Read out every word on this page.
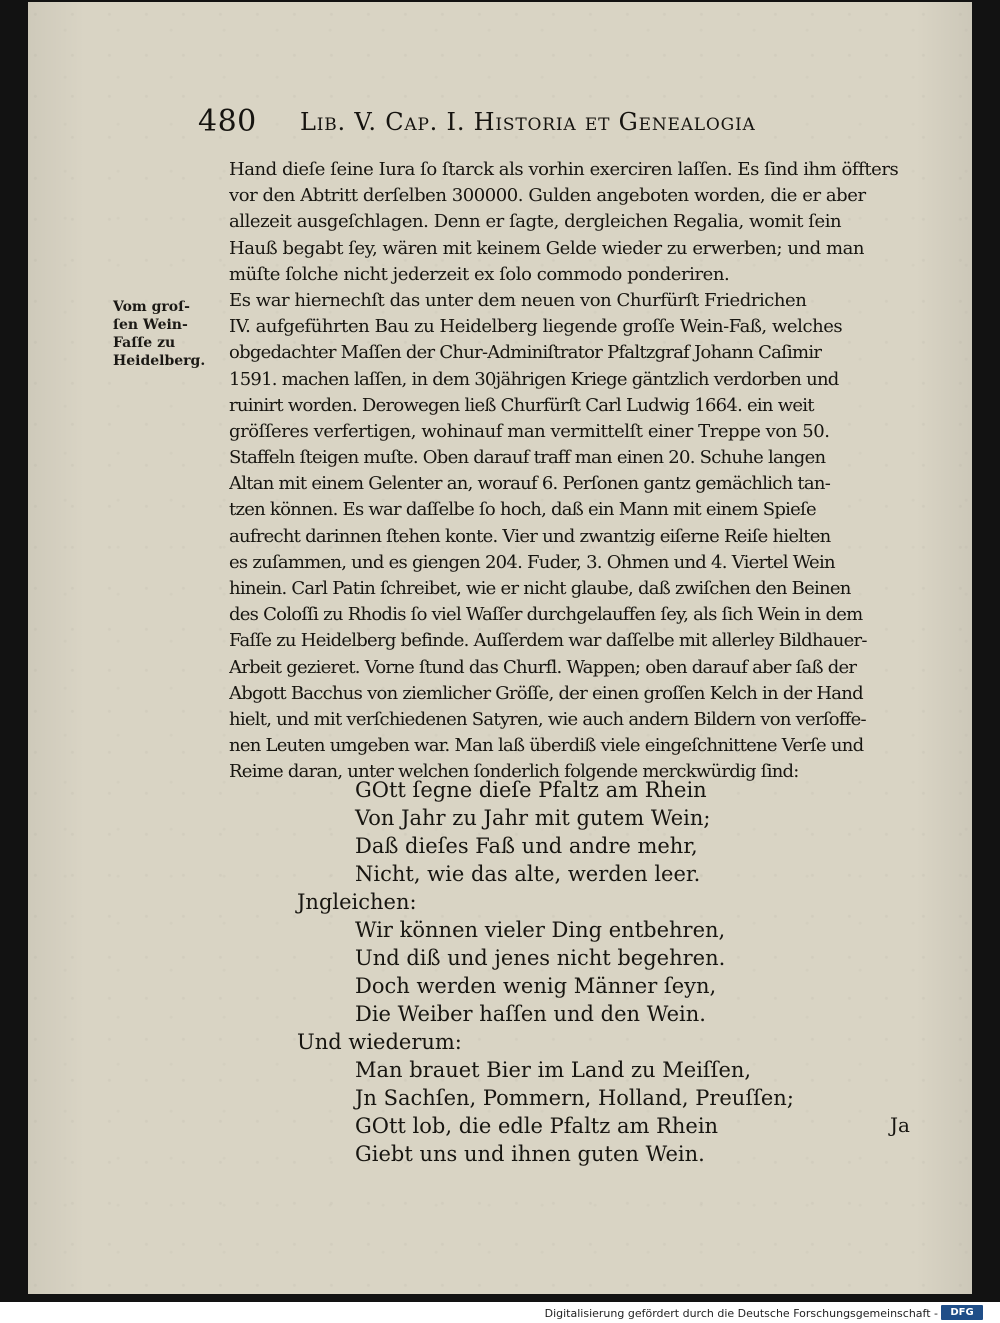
480 Lib. V. Cap. I. Historia et Genealogia
Vom groſ-
ſen Wein-
Faſſe zu
Heidelberg.
Hand dieſe ſeine Iura ſo ſtarck als vorhin exerciren laſſen. Es ſind ihm öffters
vor den Abtritt derſelben 300000. Gulden angeboten worden, die er aber
allezeit ausgeſchlagen. Denn er ſagte, dergleichen Regalia, womit ſein
Hauß begabt ſey, wären mit keinem Gelde wieder zu erwerben; und man
müſte ſolche nicht jederzeit ex ſolo commodo ponderiren.
Es war hiernechſt das unter dem neuen von Churfürſt Friedrichen
IV. aufgeführten Bau zu Heidelberg liegende groſſe Wein-Faß, welches
obgedachter Maſſen der Chur-Adminiſtrator Pfaltzgraf Johann Caſimir
1591. machen laſſen, in dem 30jährigen Kriege gäntzlich verdorben und
ruinirt worden. Derowegen ließ Churfürſt Carl Ludwig 1664. ein weit
gröſſeres verfertigen, wohinauf man vermittelſt einer Treppe von 50.
Staffeln ſteigen muſte. Oben darauf traff man einen 20. Schuhe langen
Altan mit einem Gelenter an, worauf 6. Perſonen gantz gemächlich tan-
tzen können. Es war daſſelbe ſo hoch, daß ein Mann mit einem Spieſe
aufrecht darinnen ſtehen konte. Vier und zwantzig eiſerne Reiſe hielten
es zuſammen, und es giengen 204. Fuder, 3. Ohmen und 4. Viertel Wein
hinein. Carl Patin ſchreibet, wie er nicht glaube, daß zwiſchen den Beinen
des Coloſſi zu Rhodis ſo viel Waſſer durchgelauffen ſey, als ſich Wein in dem
Faſſe zu Heidelberg befinde. Auſſerdem war daſſelbe mit allerley Bildhauer-
Arbeit gezieret. Vorne ſtund das Churfl. Wappen; oben darauf aber ſaß der
Abgott Bacchus von ziemlicher Gröſſe, der einen groſſen Kelch in der Hand
hielt, und mit verſchiedenen Satyren, wie auch andern Bildern von verſoffe-
nen Leuten umgeben war. Man laß überdiß viele eingeſchnittene Verſe und
Reime daran, unter welchen ſonderlich folgende merckwürdig ſind:
GOtt ſegne dieſe Pfaltz am Rhein
Von Jahr zu Jahr mit gutem Wein;
Daß dieſes Faß und andre mehr,
Nicht, wie das alte, werden leer.
Jngleichen:
Wir können vieler Ding entbehren,
Und diß und jenes nicht begehren.
Doch werden wenig Männer ſeyn,
Die Weiber haſſen und den Wein.
Und wiederum:
Man brauet Bier im Land zu Meiſſen,
Jn Sachſen, Pommern, Holland, Preuſſen;
GOtt lob, die edle Pfaltz am Rhein
Giebt uns und ihnen guten Wein.
Ja
Digitalisierung gefördert durch die Deutsche Forschungsgemeinschaft -	DFG
